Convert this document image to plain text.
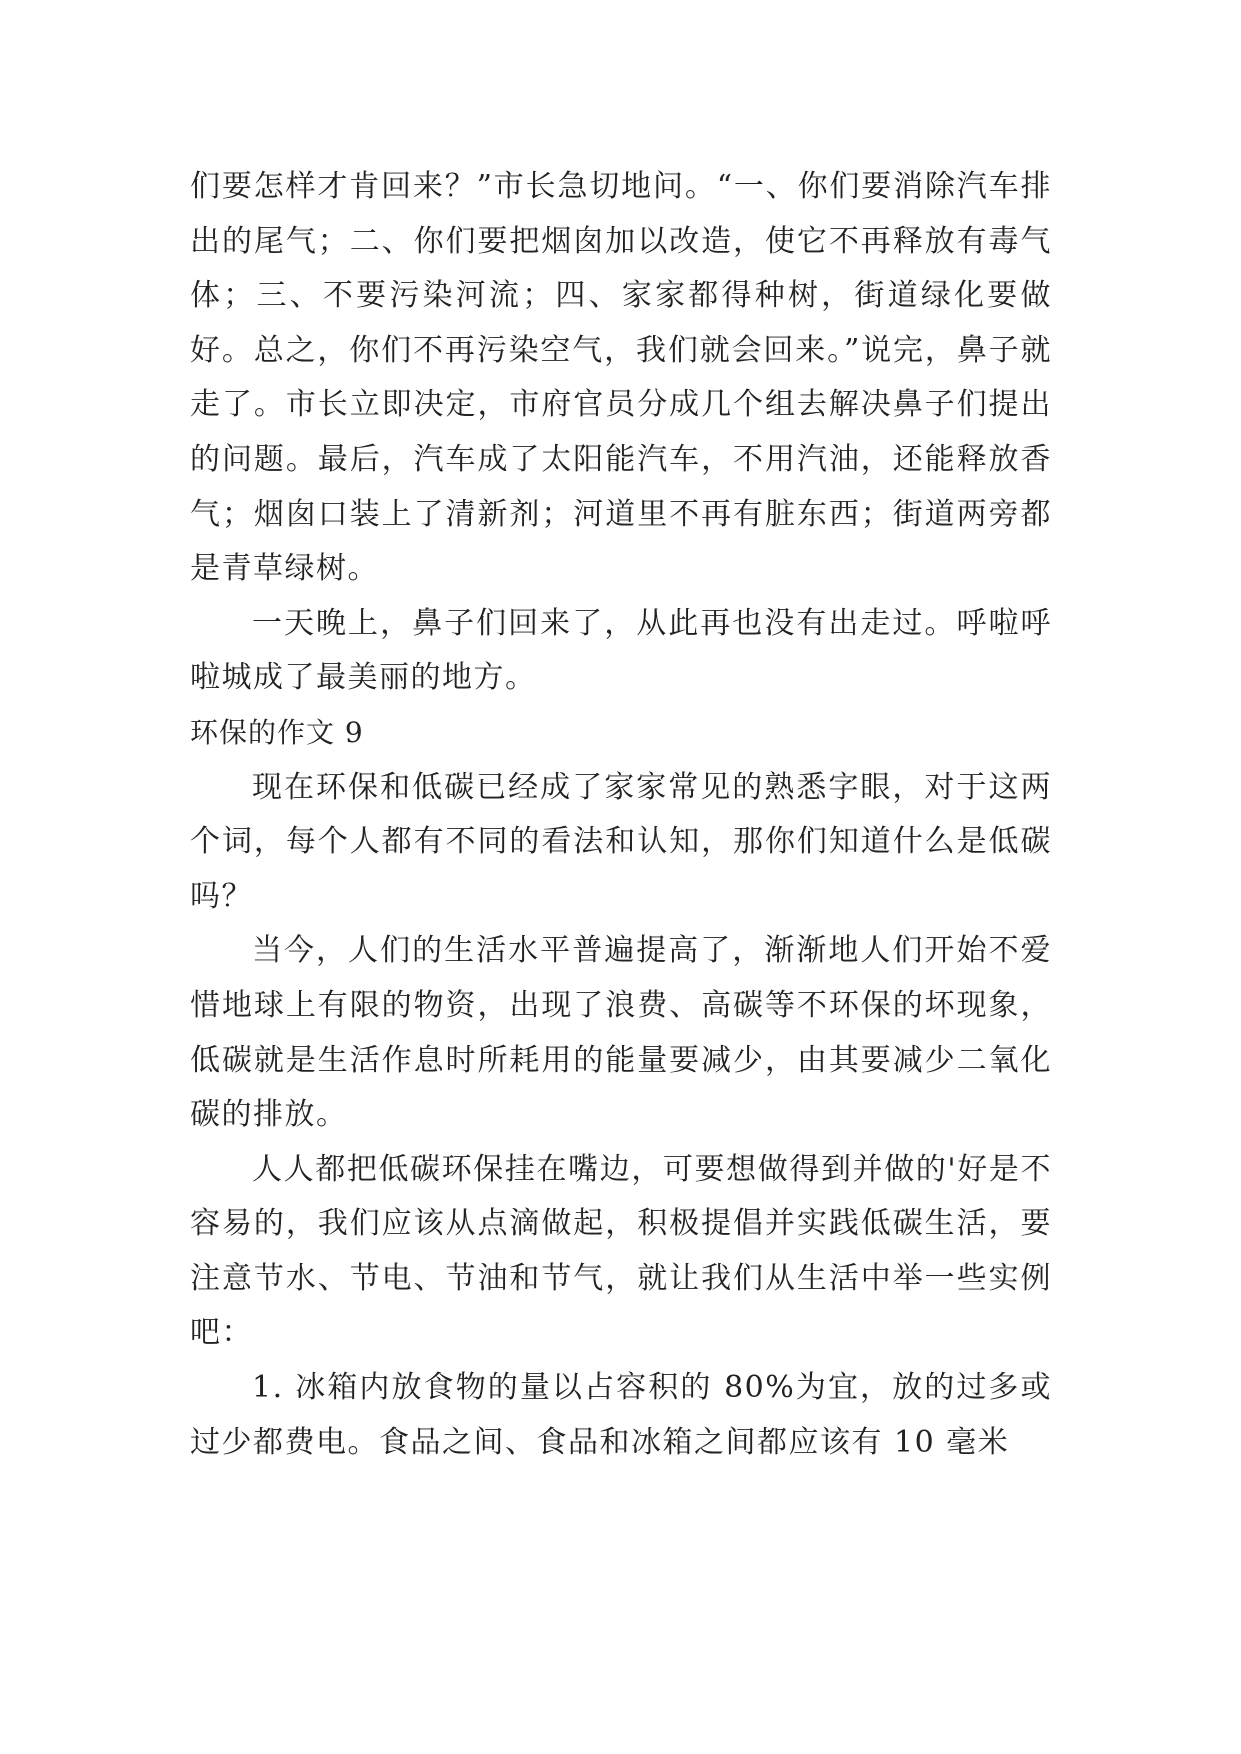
们要怎样才肯回来？”市长急切地问。“一、你们要消除汽车排出的尾气；二、你们要把烟囱加以改造，使它不再释放有毒气体；三、不要污染河流；四、家家都得种树，街道绿化要做好。总之，你们不再污染空气，我们就会回来。”说完，鼻子就走了。市长立即决定，市府官员分成几个组去解决鼻子们提出的问题。最后，汽车成了太阳能汽车，不用汽油，还能释放香气；烟囱口装上了清新剂；河道里不再有脏东西；街道两旁都是青草绿树。

一天晚上，鼻子们回来了，从此再也没有出走过。呼啦呼啦城成了最美丽的地方。

环保的作文 9

现在环保和低碳已经成了家家常见的熟悉字眼，对于这两个词，每个人都有不同的看法和认知，那你们知道什么是低碳吗？

当今，人们的生活水平普遍提高了，渐渐地人们开始不爱惜地球上有限的物资，出现了浪费、高碳等不环保的坏现象，低碳就是生活作息时所耗用的能量要减少，由其要减少二氧化碳的排放。

人人都把低碳环保挂在嘴边，可要想做得到并做的'好是不容易的，我们应该从点滴做起，积极提倡并实践低碳生活，要注意节水、节电、节油和节气，就让我们从生活中举一些实例吧：

1. 冰箱内放食物的量以占容积的 80%为宜，放的过多或过少都费电。食品之间、食品和冰箱之间都应该有 10 毫米
